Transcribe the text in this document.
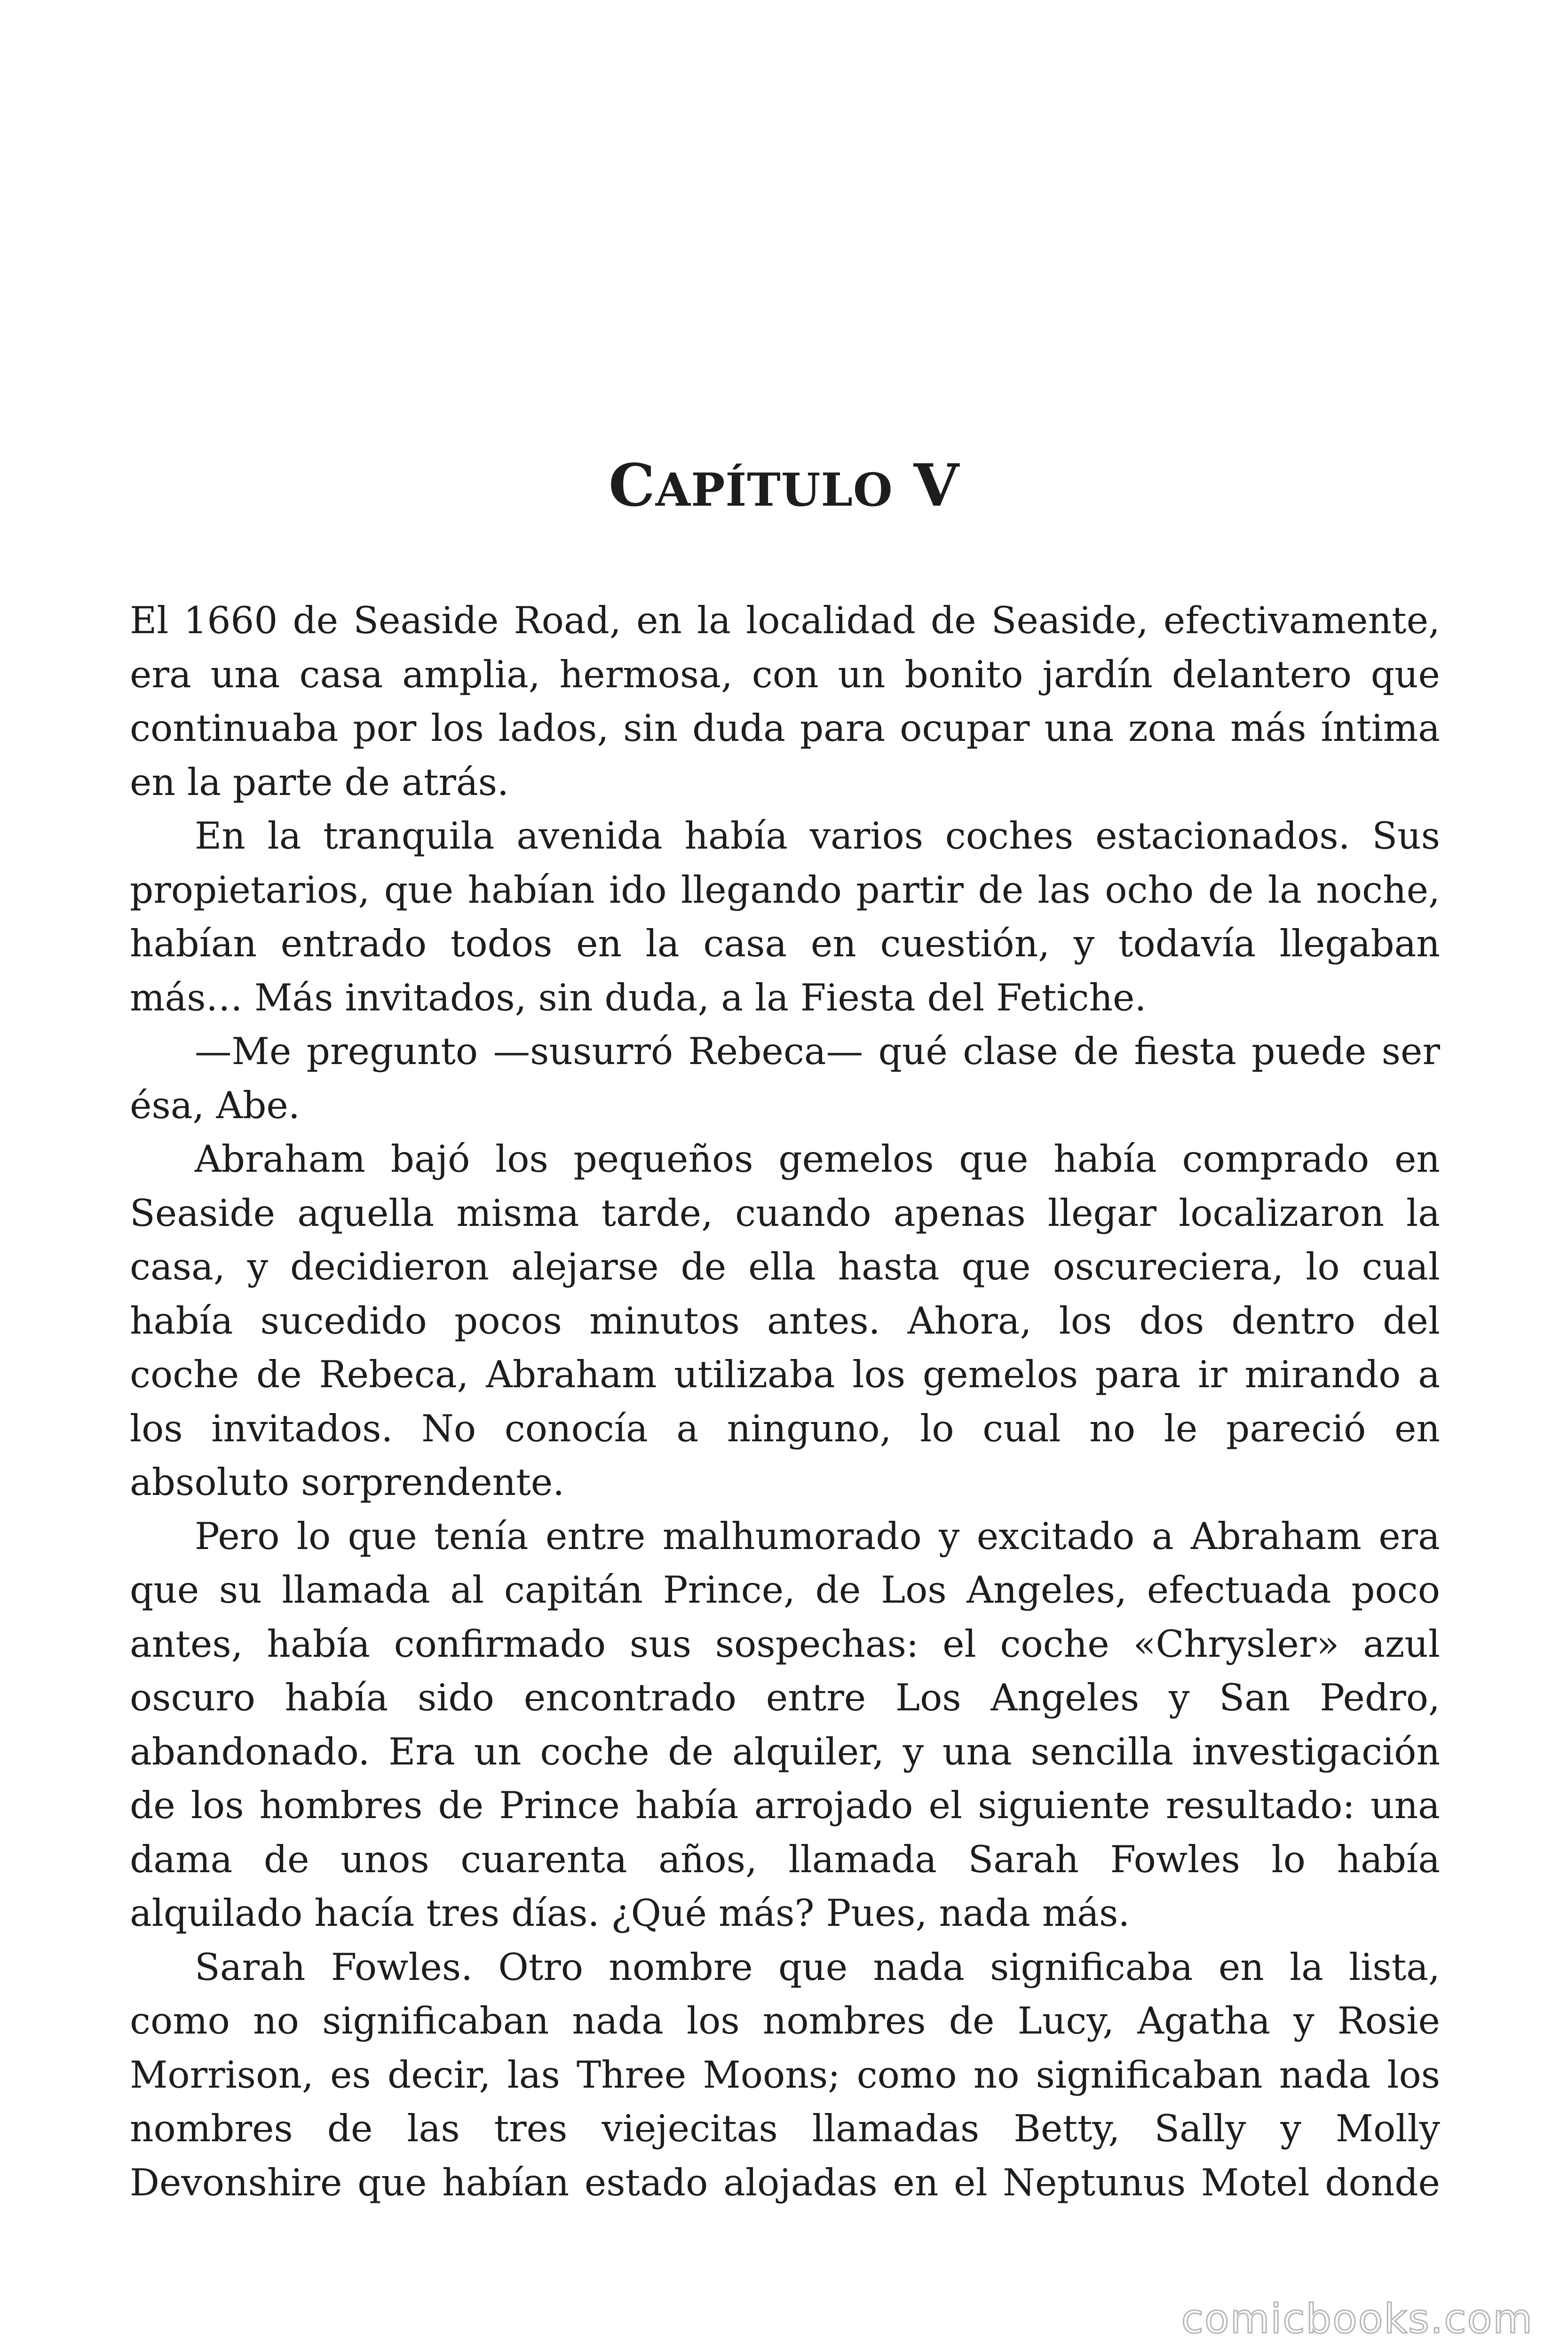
CAPÍTULO V

El 1660 de Seaside Road, en la localidad de Seaside, efectivamente,

era una casa amplia, hermosa, con un bonito jardín delantero que

continuaba por los lados, sin duda para ocupar una zona más íntima

en la parte de atrás.

En la tranquila avenida había varios coches estacionados. Sus

propietarios, que habían ido llegando partir de las ocho de la noche,

habían entrado todos en la casa en cuestión, y todavía llegaban

más… Más invitados, sin duda, a la Fiesta del Fetiche.

—Me pregunto —susurró Rebeca— qué clase de fiesta puede ser

ésa, Abe.

Abraham bajó los pequeños gemelos que había comprado en

Seaside aquella misma tarde, cuando apenas llegar localizaron la

casa, y decidieron alejarse de ella hasta que oscureciera, lo cual

había sucedido pocos minutos antes. Ahora, los dos dentro del

coche de Rebeca, Abraham utilizaba los gemelos para ir mirando a

los invitados. No conocía a ninguno, lo cual no le pareció en

absoluto sorprendente.

Pero lo que tenía entre malhumorado y excitado a Abraham era

que su llamada al capitán Prince, de Los Angeles, efectuada poco

antes, había confirmado sus sospechas: el coche «Chrysler» azul

oscuro había sido encontrado entre Los Angeles y San Pedro,

abandonado. Era un coche de alquiler, y una sencilla investigación

de los hombres de Prince había arrojado el siguiente resultado: una

dama de unos cuarenta años, llamada Sarah Fowles lo había

alquilado hacía tres días. ¿Qué más? Pues, nada más.

Sarah Fowles. Otro nombre que nada significaba en la lista,

como no significaban nada los nombres de Lucy, Agatha y Rosie

Morrison, es decir, las Three Moons; como no significaban nada los

nombres de las tres viejecitas llamadas Betty, Sally y Molly

Devonshire que habían estado alojadas en el Neptunus Motel donde

comicbooks.com
